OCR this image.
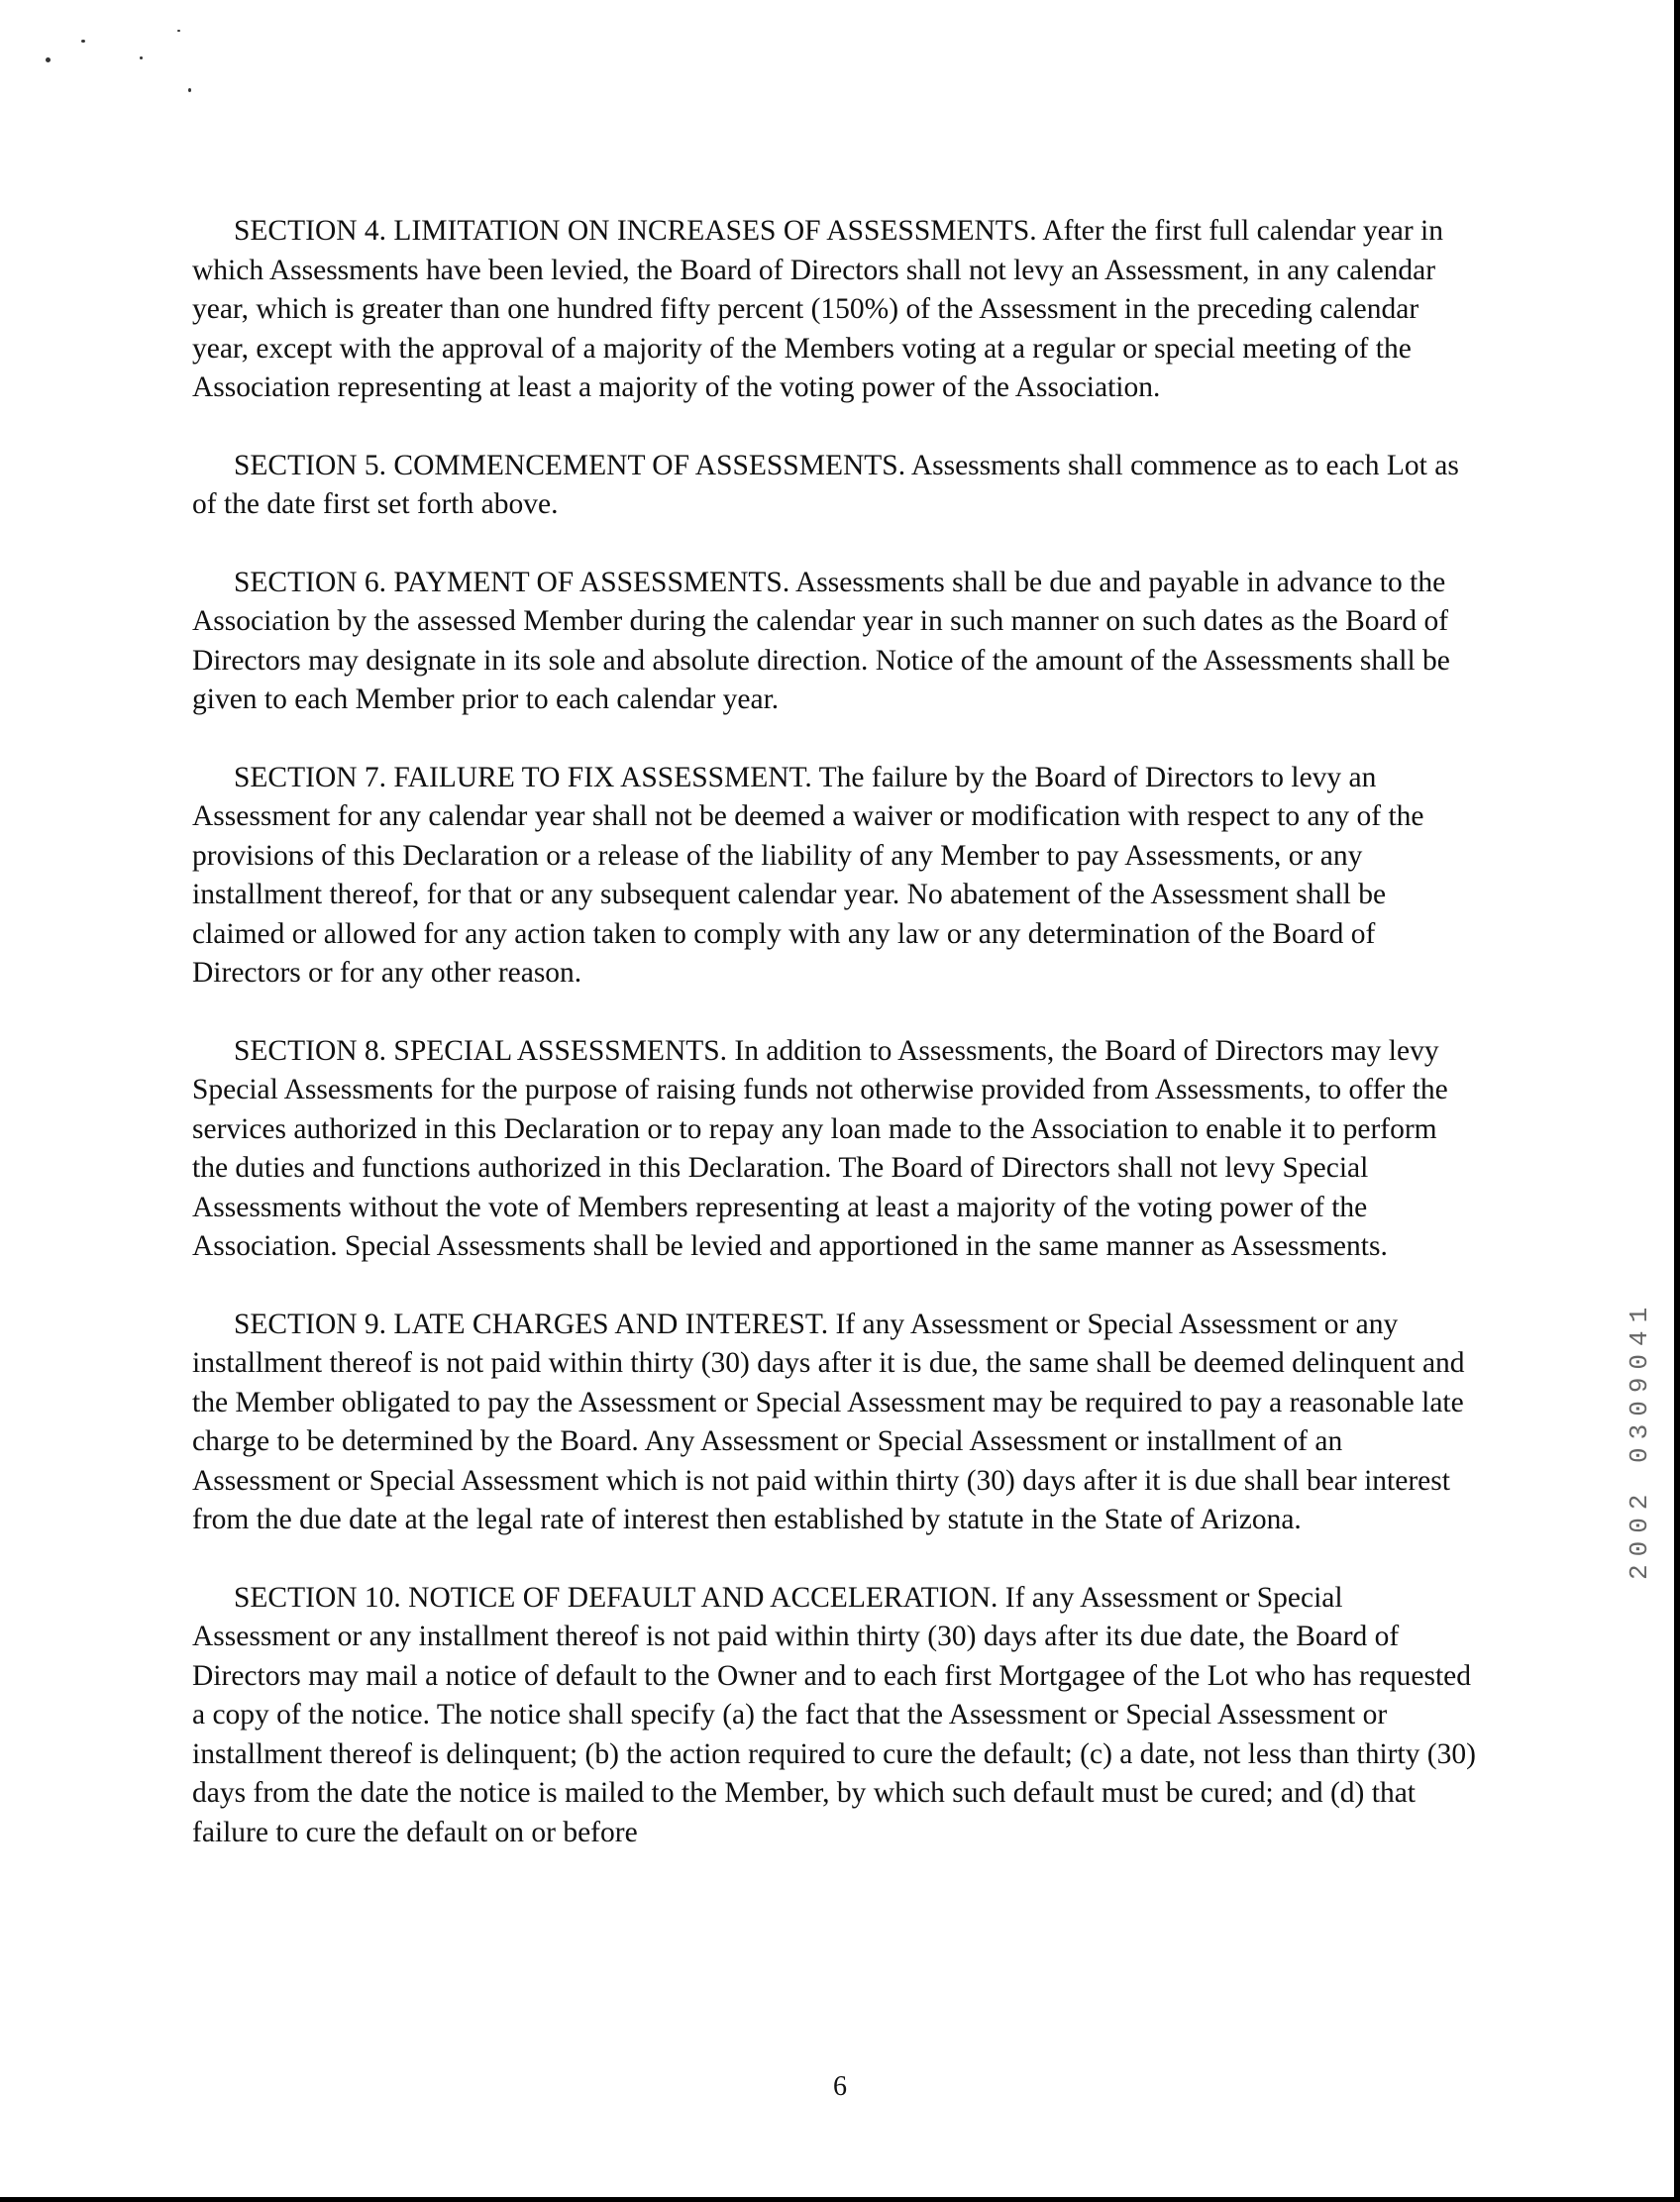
SECTION 4. LIMITATION ON INCREASES OF ASSESSMENTS. After the first full calendar year in which Assessments have been levied, the Board of Directors shall not levy an Assessment, in any calendar year, which is greater than one hundred fifty percent (150%) of the Assessment in the preceding calendar year, except with the approval of a majority of the Members voting at a regular or special meeting of the Association representing at least a majority of the voting power of the Association.

SECTION 5. COMMENCEMENT OF ASSESSMENTS. Assessments shall commence as to each Lot as of the date first set forth above.

SECTION 6. PAYMENT OF ASSESSMENTS. Assessments shall be due and payable in advance to the Association by the assessed Member during the calendar year in such manner on such dates as the Board of Directors may designate in its sole and absolute direction. Notice of the amount of the Assessments shall be given to each Member prior to each calendar year.

SECTION 7. FAILURE TO FIX ASSESSMENT. The failure by the Board of Directors to levy an Assessment for any calendar year shall not be deemed a waiver or modification with respect to any of the provisions of this Declaration or a release of the liability of any Member to pay Assessments, or any installment thereof, for that or any subsequent calendar year. No abatement of the Assessment shall be claimed or allowed for any action taken to comply with any law or any determination of the Board of Directors or for any other reason.

SECTION 8. SPECIAL ASSESSMENTS. In addition to Assessments, the Board of Directors may levy Special Assessments for the purpose of raising funds not otherwise provided from Assessments, to offer the services authorized in this Declaration or to repay any loan made to the Association to enable it to perform the duties and functions authorized in this Declaration. The Board of Directors shall not levy Special Assessments without the vote of Members representing at least a majority of the voting power of the Association. Special Assessments shall be levied and apportioned in the same manner as Assessments.

SECTION 9. LATE CHARGES AND INTEREST. If any Assessment or Special Assessment or any installment thereof is not paid within thirty (30) days after it is due, the same shall be deemed delinquent and the Member obligated to pay the Assessment or Special Assessment may be required to pay a reasonable late charge to be determined by the Board. Any Assessment or Special Assessment or installment of an Assessment or Special Assessment which is not paid within thirty (30) days after it is due shall bear interest from the due date at the legal rate of interest then established by statute in the State of Arizona.

SECTION 10. NOTICE OF DEFAULT AND ACCELERATION. If any Assessment or Special Assessment or any installment thereof is not paid within thirty (30) days after its due date, the Board of Directors may mail a notice of default to the Owner and to each first Mortgagee of the Lot who has requested a copy of the notice. The notice shall specify (a) the fact that the Assessment or Special Assessment or installment thereof is delinquent; (b) the action required to cure the default; (c) a date, not less than thirty (30) days from the date the notice is mailed to the Member, by which such default must be cured; and (d) that failure to cure the default on or before

6
2002 0309041
